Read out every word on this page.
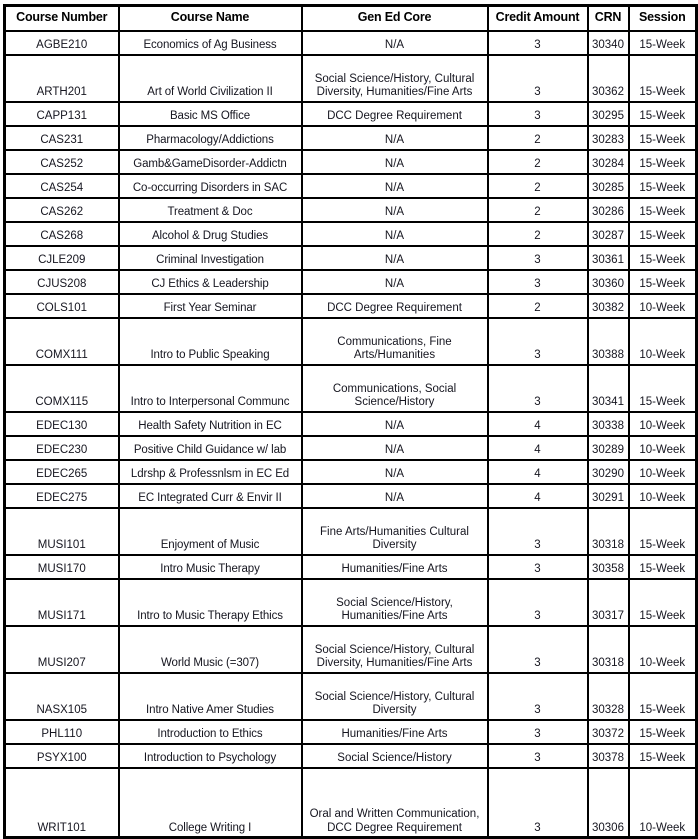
Course Number	Course Name	Gen Ed Core	Credit Amount	CRN	Session
AGBE210	Economics of Ag Business	N/A	3	30340	15-Week
ARTH201	Art of World Civilization II	Social Science/History, Cultural Diversity, Humanities/Fine Arts	3	30362	15-Week
CAPP131	Basic MS Office	DCC Degree Requirement	3	30295	15-Week
CAS231	Pharmacology/Addictions	N/A	2	30283	15-Week
CAS252	Gamb&GameDisorder-Addictn	N/A	2	30284	15-Week
CAS254	Co-occurring Disorders in SAC	N/A	2	30285	15-Week
CAS262	Treatment & Doc	N/A	2	30286	15-Week
CAS268	Alcohol & Drug Studies	N/A	2	30287	15-Week
CJLE209	Criminal Investigation	N/A	3	30361	15-Week
CJUS208	CJ Ethics & Leadership	N/A	3	30360	15-Week
COLS101	First Year Seminar	DCC Degree Requirement	2	30382	10-Week
COMX111	Intro to Public Speaking	Communications, Fine Arts/Humanities	3	30388	10-Week
COMX115	Intro to Interpersonal Communc	Communications, Social Science/History	3	30341	15-Week
EDEC130	Health Safety Nutrition in EC	N/A	4	30338	10-Week
EDEC230	Positive Child Guidance w/ lab	N/A	4	30289	10-Week
EDEC265	Ldrshp & Professnlsm in EC Ed	N/A	4	30290	10-Week
EDEC275	EC Integrated Curr & Envir II	N/A	4	30291	10-Week
MUSI101	Enjoyment of Music	Fine Arts/Humanities Cultural Diversity	3	30318	15-Week
MUSI170	Intro Music Therapy	Humanities/Fine Arts	3	30358	15-Week
MUSI171	Intro to Music Therapy Ethics	Social Science/History, Humanities/Fine Arts	3	30317	15-Week
MUSI207	World Music (=307)	Social Science/History, Cultural Diversity, Humanities/Fine Arts	3	30318	10-Week
NASX105	Intro Native Amer Studies	Social Science/History, Cultural Diversity	3	30328	15-Week
PHL110	Introduction to Ethics	Humanities/Fine Arts	3	30372	15-Week
PSYX100	Introduction to Psychology	Social Science/History	3	30378	15-Week
WRIT101	College Writing I	Oral and Written Communication, DCC Degree Requirement	3	30306	10-Week
